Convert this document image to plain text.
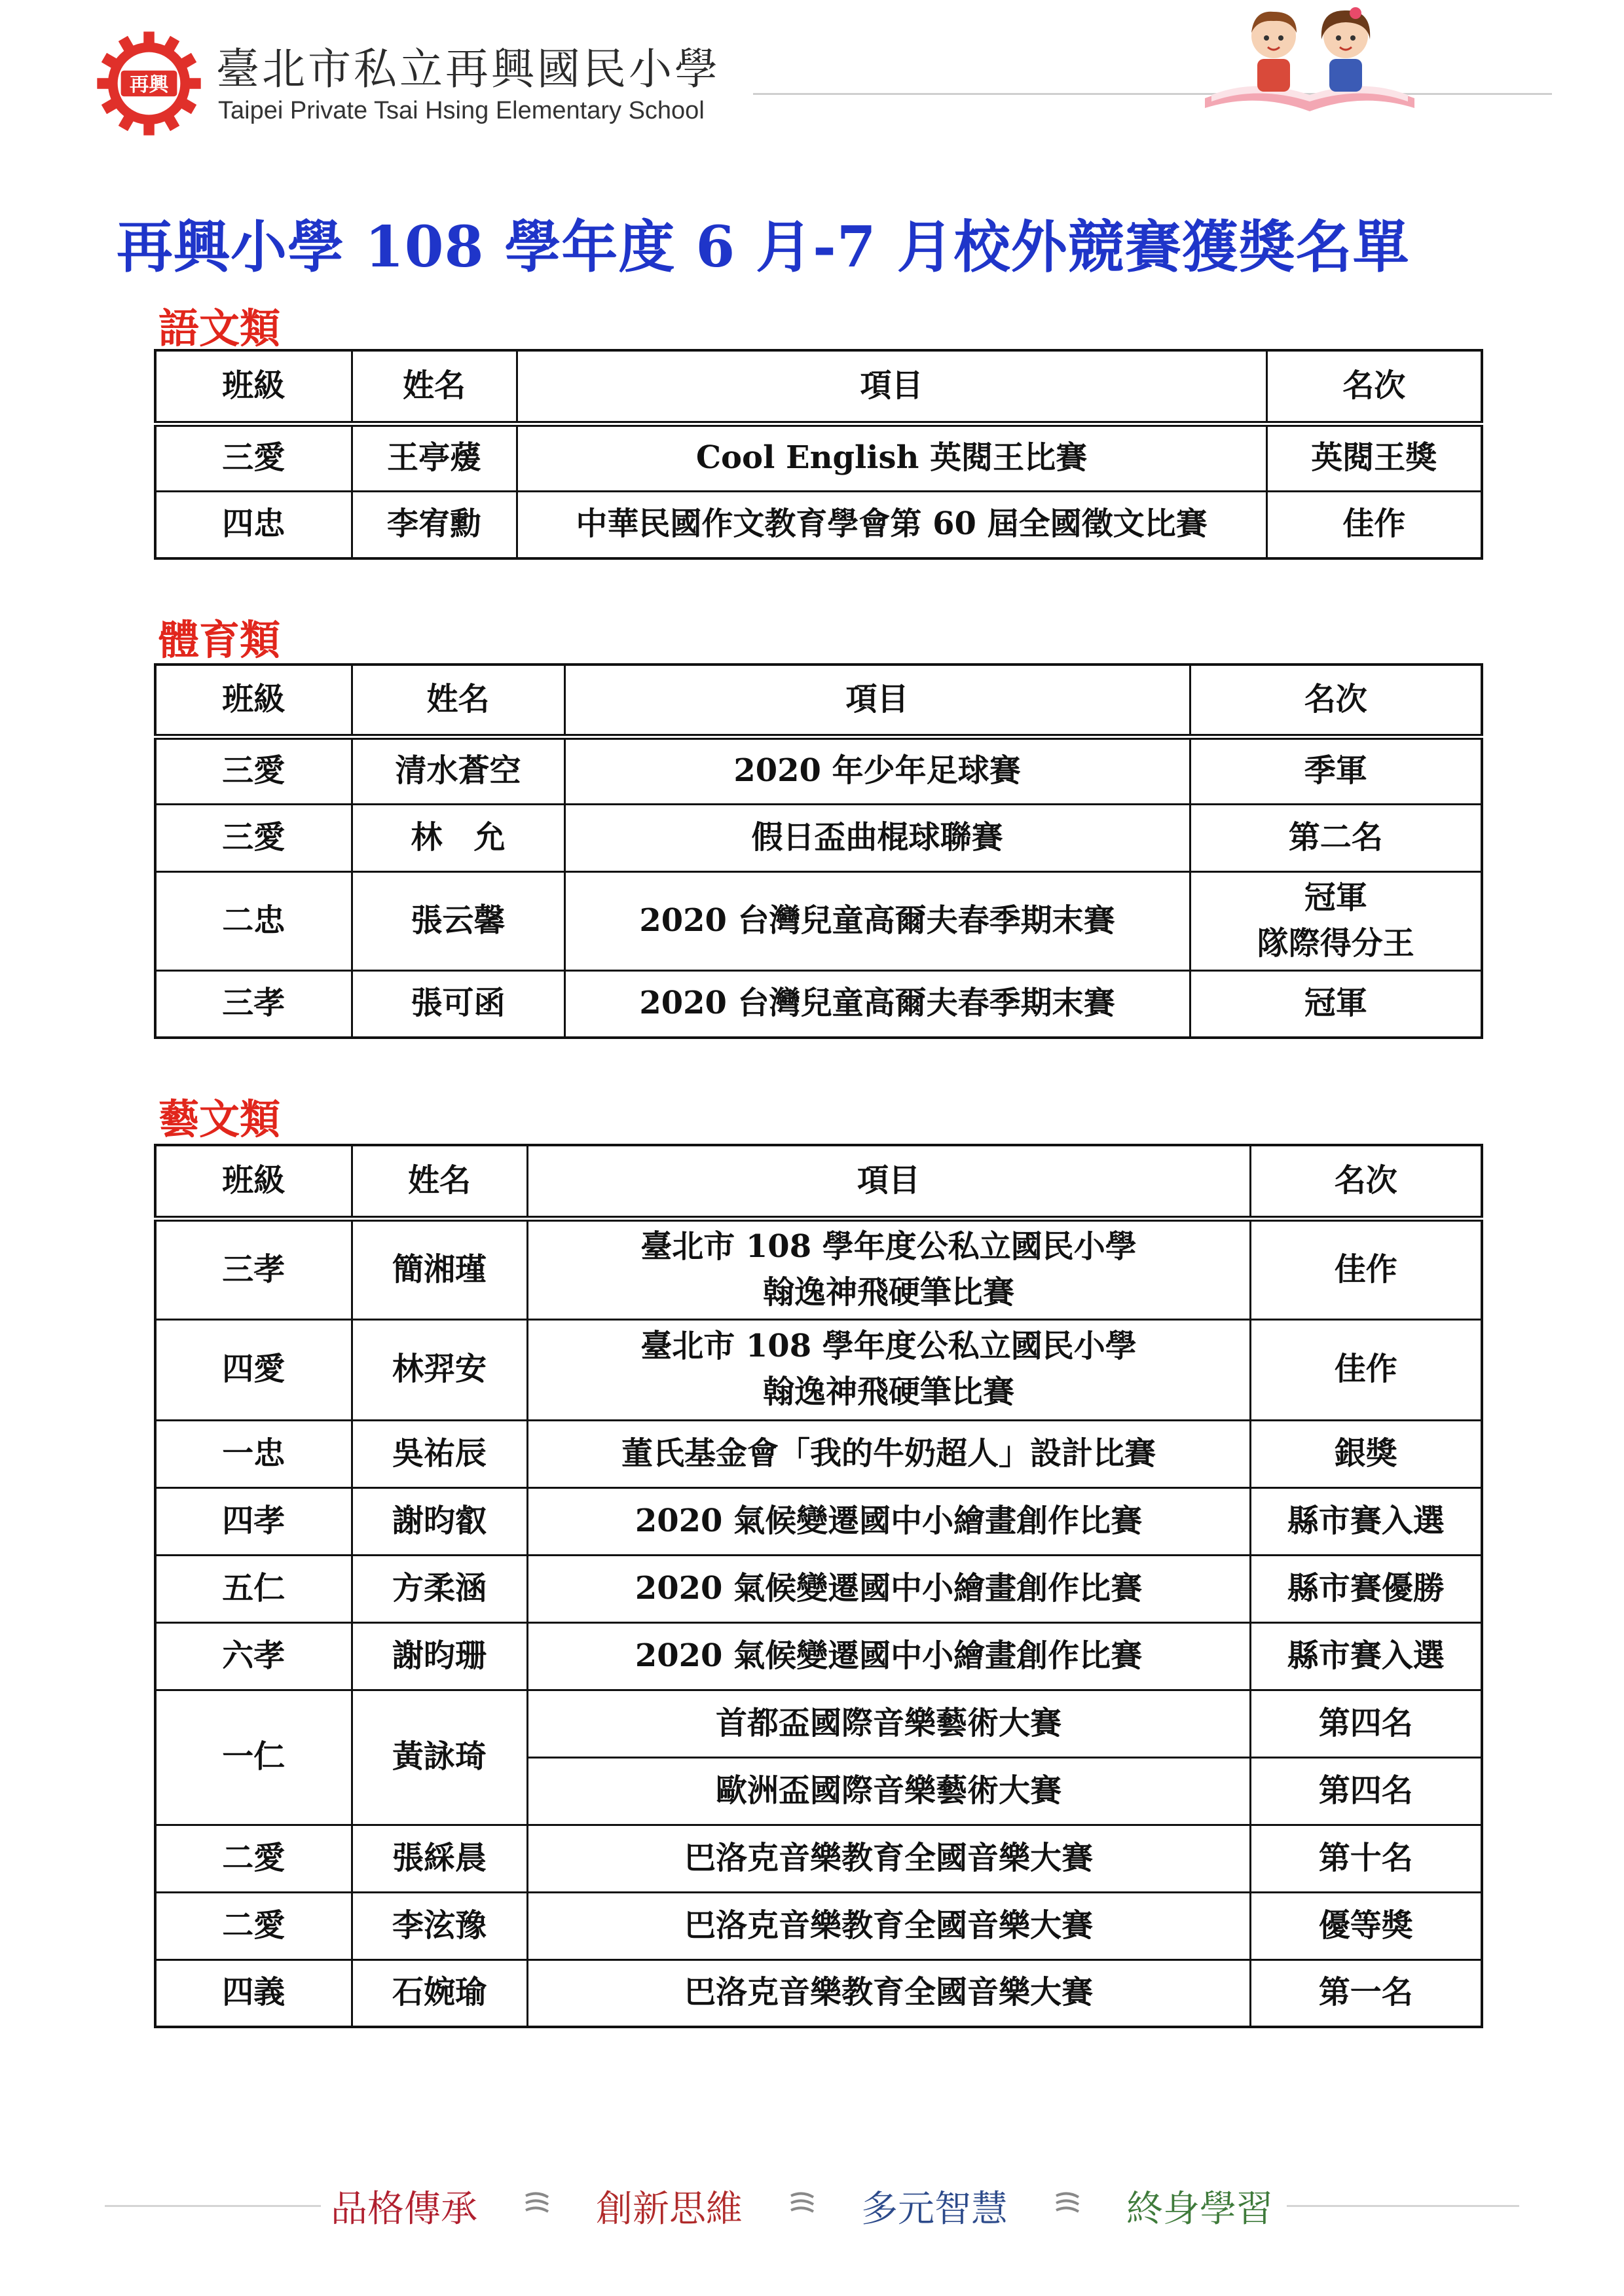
再興 臺北市私立再興國民小學
Taipei Private Tsai Hsing Elementary School
再興小學 108 學年度 6 月-7 月校外競賽獲獎名單
語文類
班級	姓名	項目	名次
三愛	王亭蕿	Cool English 英閱王比賽	英閱王獎
四忠	李宥勳	中華民國作文教育學會第 60 屆全國徵文比賽	佳作
體育類
班級	姓名	項目	名次
三愛	清水蒼空	2020 年少年足球賽	季軍
三愛	林　允	假日盃曲棍球聯賽	第二名
二忠	張云馨	2020 台灣兒童高爾夫春季期末賽	冠軍
隊際得分王

三孝	張可函	2020 台灣兒童高爾夫春季期末賽	冠軍
藝文類
班級	姓名	項目	名次
三孝	簡湘瑾	臺北市 108 學年度公私立國民小學
翰逸神飛硬筆比賽	佳作
四愛	林羿安	臺北市 108 學年度公私立國民小學
翰逸神飛硬筆比賽	佳作
一忠	吳祐辰	董氏基金會「我的牛奶超人」設計比賽	銀獎
四孝	謝昀叡	2020 氣候變遷國中小繪畫創作比賽	縣市賽入選
五仁	方柔涵	2020 氣候變遷國中小繪畫創作比賽	縣市賽優勝
六孝	謝昀珊	2020 氣候變遷國中小繪畫創作比賽	縣市賽入選
一仁	黃詠琦	首都盃國際音樂藝術大賽	第四名
		歐洲盃國際音樂藝術大賽	第四名
二愛	張綵晨	巴洛克音樂教育全國音樂大賽	第十名
二愛	李泫豫	巴洛克音樂教育全國音樂大賽	優等獎
四義	石婉瑜	巴洛克音樂教育全國音樂大賽	第一名
品格傳承	創新思維	多元智慧	終身學習
